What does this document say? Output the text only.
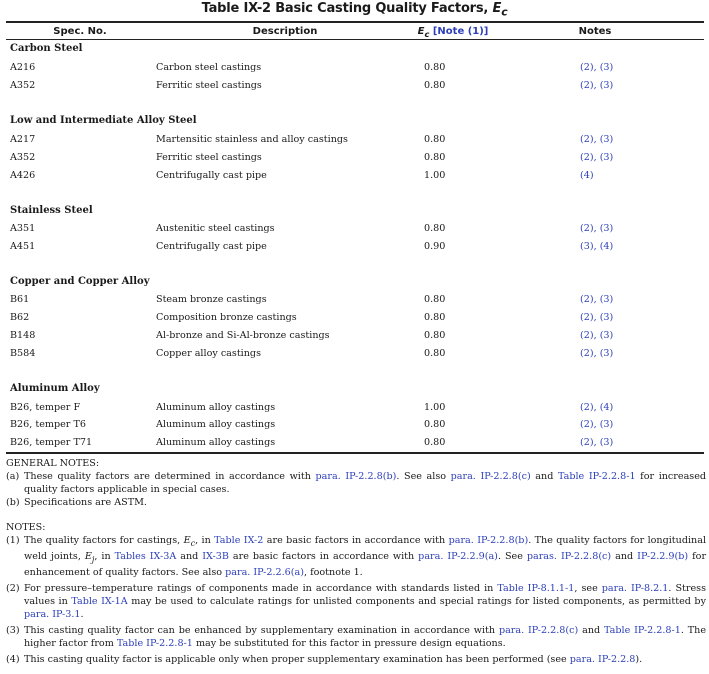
Table IX-2 Basic Casting Quality Factors, $E_c$
Spec. No.	Description	$E_c$ [Note (1)]	Notes
Carbon Steel
A216	Carbon steel castings	0.80	(2), (3)
A352	Ferritic steel castings	0.80	(2), (3)
Low and Intermediate Alloy Steel
A217	Martensitic stainless and alloy castings	0.80	(2), (3)
A352	Ferritic steel castings	0.80	(2), (3)
A426	Centrifugally cast pipe	1.00	(4)
Stainless Steel
A351	Austenitic steel castings	0.80	(2), (3)
A451	Centrifugally cast pipe	0.90	(3), (4)
Copper and Copper Alloy
B61	Steam bronze castings	0.80	(2), (3)
B62	Composition bronze castings	0.80	(2), (3)
B148	Al-bronze and Si-Al-bronze castings	0.80	(2), (3)
B584	Copper alloy castings	0.80	(2), (3)
Aluminum Alloy
B26, temper F	Aluminum alloy castings	1.00	(2), (4)
B26, temper T6	Aluminum alloy castings	0.80	(2), (3)
B26, temper T71	Aluminum alloy castings	0.80	(2), (3)

GENERAL NOTES:

(a) These quality factors are determined in accordance with para. IP-2.2.8(b). See also para. IP-2.2.8(c) and Table IP-2.2.8-1 for increased quality factors applicable in special cases.

(b) Specifications are ASTM.

NOTES:

(1) The quality factors for castings, $E_c$, in Table IX-2 are basic factors in accordance with para. IP-2.2.8(b). The quality factors for longitudinal weld joints, $E_j$, in Tables IX-3A and IX-3B are basic factors in accordance with para. IP-2.2.9(a). See paras. IP-2.2.8(c) and IP-2.2.9(b) for enhancement of quality factors. See also para. IP-2.2.6(a), footnote 1.

(2) For pressure–temperature ratings of components made in accordance with standards listed in Table IP-8.1.1-1, see para. IP-8.2.1. Stress values in Table IX-1A may be used to calculate ratings for unlisted components and special ratings for listed components, as permitted by para. IP-3.1.

(3) This casting quality factor can be enhanced by supplementary examination in accordance with para. IP-2.2.8(c) and Table IP-2.2.8-1. The higher factor from Table IP-2.2.8-1 may be substituted for this factor in pressure design equations.

(4) This casting quality factor is applicable only when proper supplementary examination has been performed (see para. IP-2.2.8).
